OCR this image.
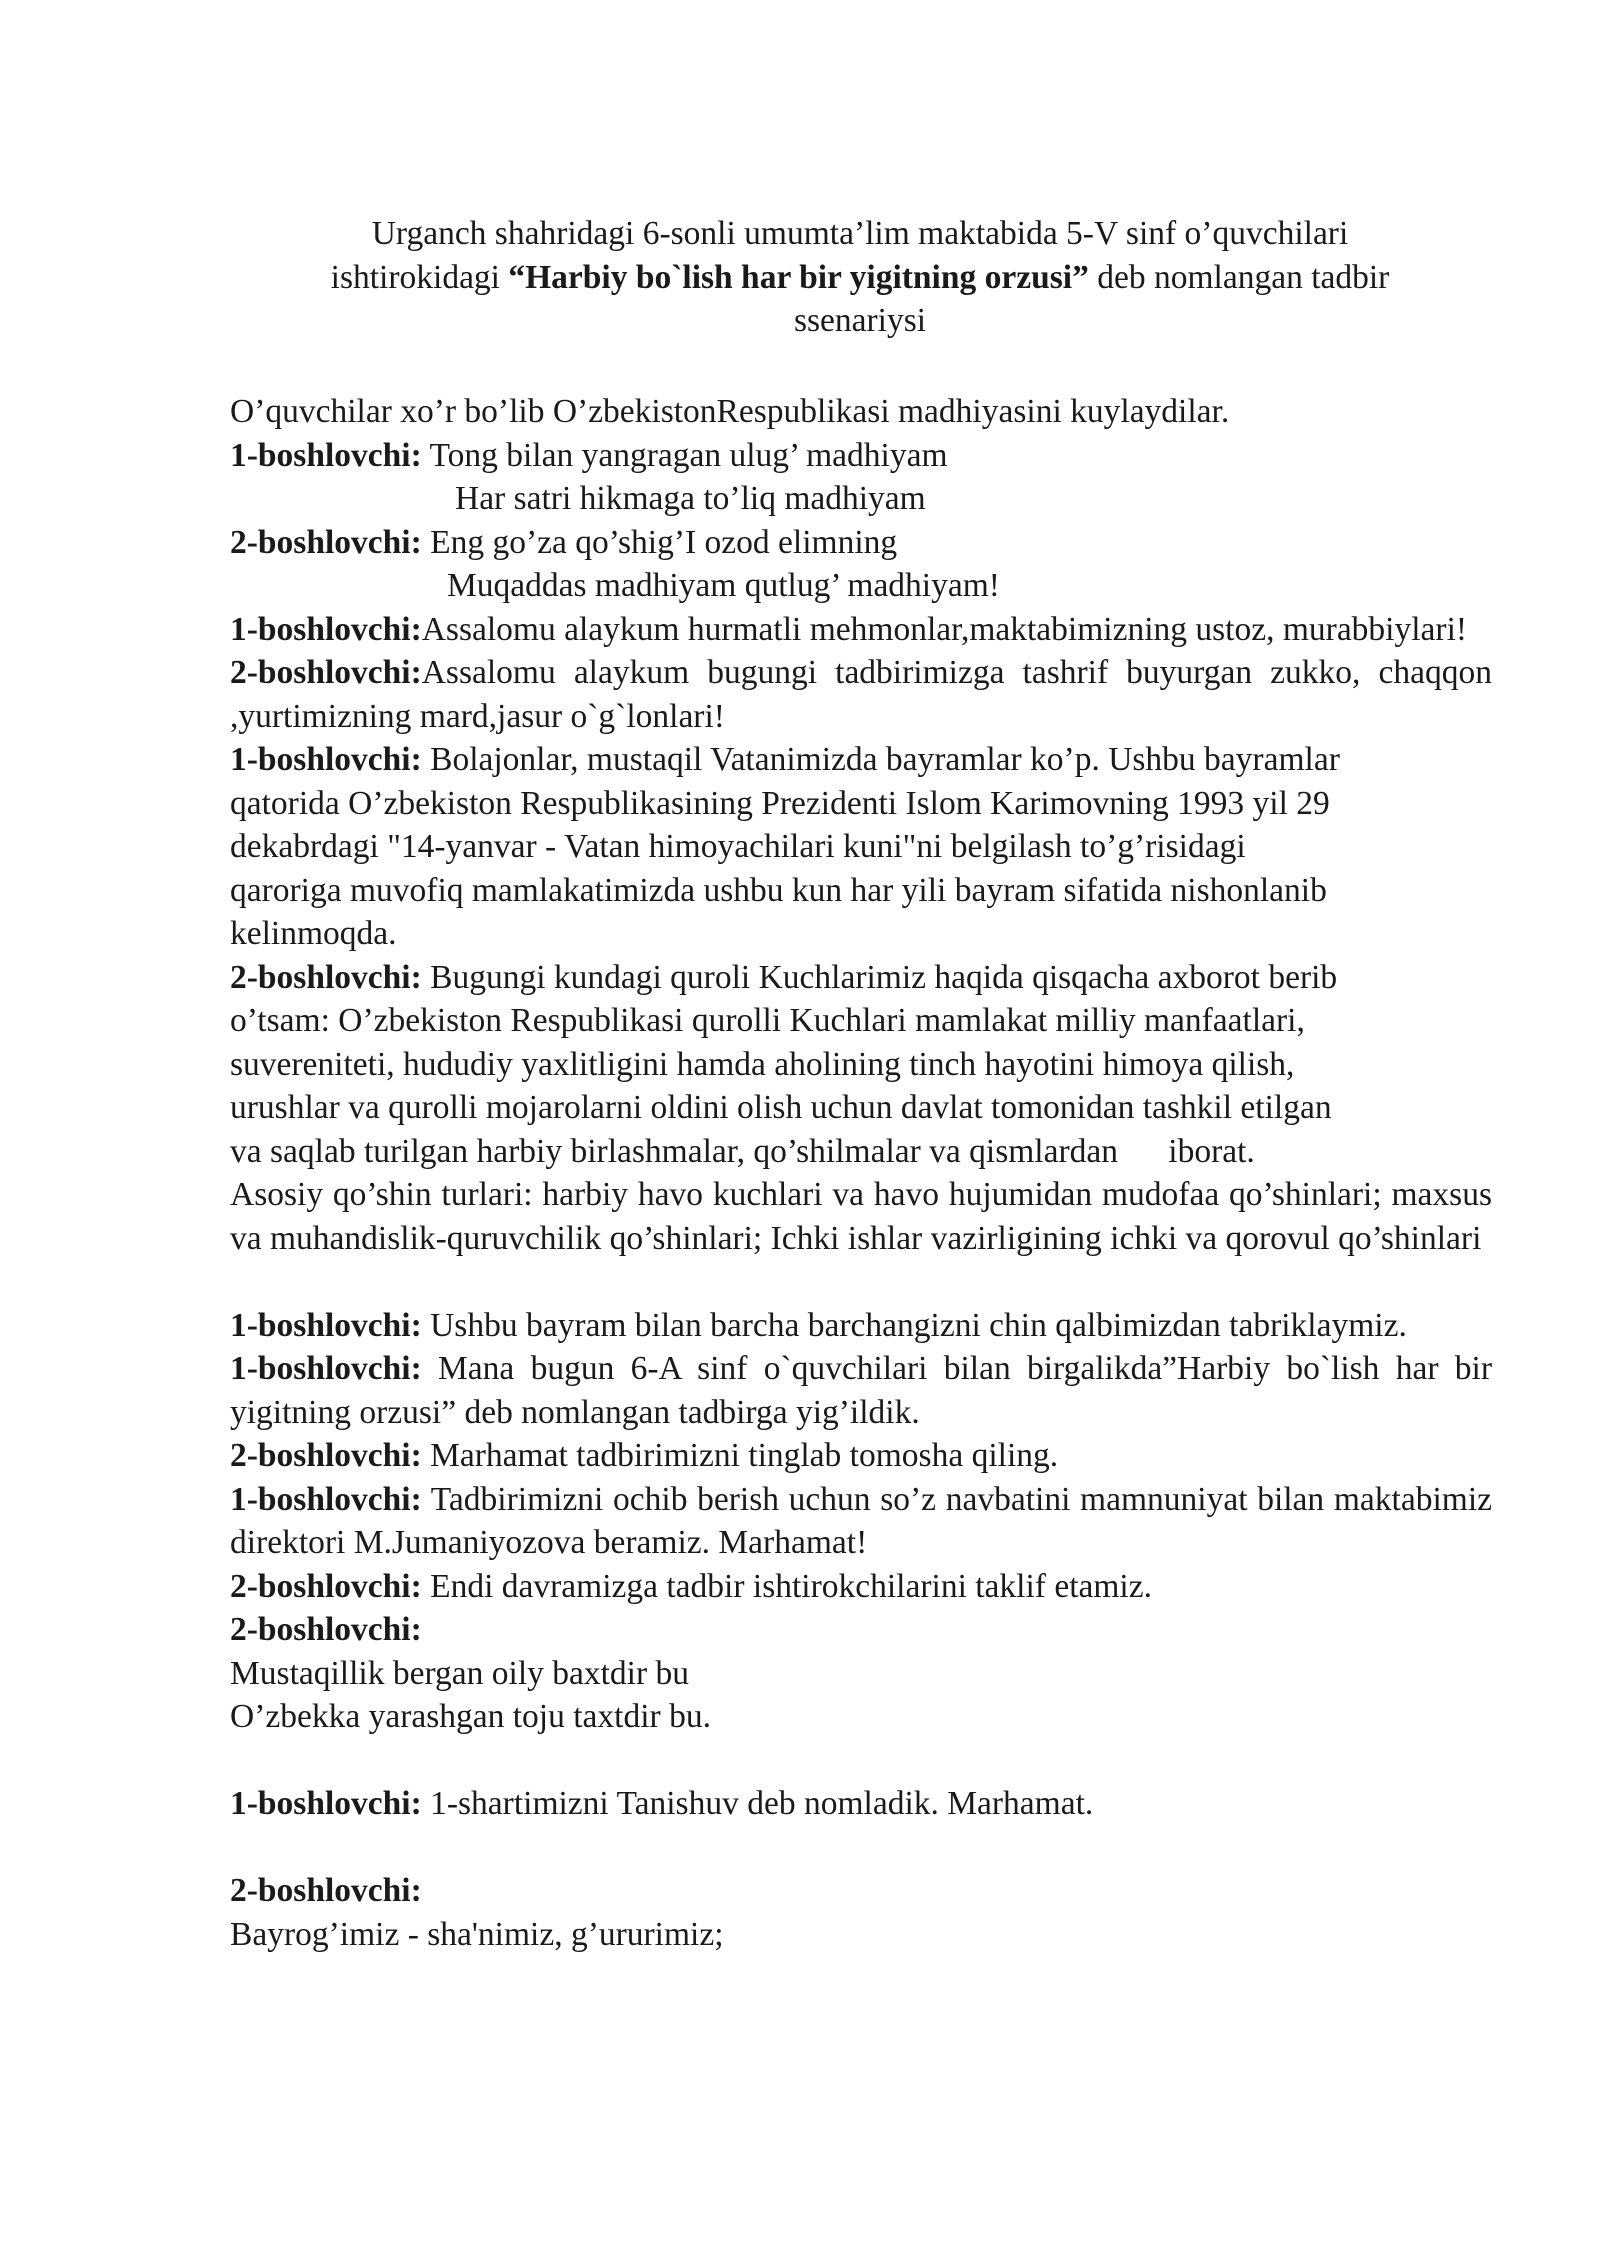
Urganch shahridagi 6-sonli umumta’lim maktabida 5-V sinf o’quvchilari
ishtirokidagi “Harbiy bo`lish har bir yigitning orzusi” deb nomlangan tadbir
ssenariysi

O’quvchilar xo’r bo’lib O’zbekistonRespublikasi madhiyasini kuylaydilar.

1-boshlovchi: Tong bilan yangragan ulug’ madhiyam

Har satri hikmaga to’liq madhiyam

2-boshlovchi: Eng go’za qo’shig’I ozod elimning

Muqaddas madhiyam qutlug’ madhiyam!

1-boshlovchi:Assalomu alaykum hurmatli mehmonlar,maktabimizning ustoz, murabbiylari!

2-boshlovchi:Assalomu alaykum bugungi tadbirimizga tashrif buyurgan zukko, chaqqon ,yurtimizning mard,jasur o`g`lonlari!

1-boshlovchi: Bolajonlar, mustaqil Vatanimizda bayramlar ko’p. Ushbu bayramlar

qatorida O’zbekiston Respublikasining Prezidenti Islom Karimovning 1993 yil 29

dekabrdagi "14-yanvar - Vatan himoyachilari kuni"ni belgilash to’g’risidagi

qaroriga muvofiq mamlakatimizda ushbu kun har yili bayram sifatida nishonlanib

kelinmoqda.

2-boshlovchi: Bugungi kundagi quroli Kuchlarimiz haqida qisqacha axborot berib

o’tsam: O’zbekiston Respublikasi qurolli Kuchlari mamlakat milliy manfaatlari,

suvereniteti, hududiy yaxlitligini hamda aholining tinch hayotini himoya qilish,

urushlar va qurolli mojarolarni oldini olish uchun davlat tomonidan tashkil etilgan

va saqlab turilgan harbiy birlashmalar, qo’shilmalar va qismlardan      iborat.

Asosiy qo’shin turlari: harbiy havo kuchlari va havo hujumidan mudofaa qo’shinlari; maxsus va muhandislik-quruvchilik qo’shinlari; Ichki ishlar vazirligining ichki va qorovul qo’shinlari

1-boshlovchi: Ushbu bayram bilan barcha barchangizni chin qalbimizdan tabriklaymiz.

1-boshlovchi: Mana bugun 6-A sinf o`quvchilari bilan birgalikda”Harbiy bo`lish har bir yigitning orzusi” deb nomlangan tadbirga yig’ildik.

2-boshlovchi: Marhamat tadbirimizni tinglab tomosha qiling.

1-boshlovchi: Tadbirimizni ochib berish uchun so’z navbatini mamnuniyat bilan maktabimiz direktori M.Jumaniyozova beramiz. Marhamat!

2-boshlovchi: Endi davramizga tadbir ishtirokchilarini taklif etamiz.

2-boshlovchi:

Mustaqillik bergan oily baxtdir bu

O’zbekka yarashgan toju taxtdir bu.

1-boshlovchi: 1-shartimizni Tanishuv deb nomladik. Marhamat.

2-boshlovchi:

Bayrog’imiz - sha'nimiz, g’ururimiz;
